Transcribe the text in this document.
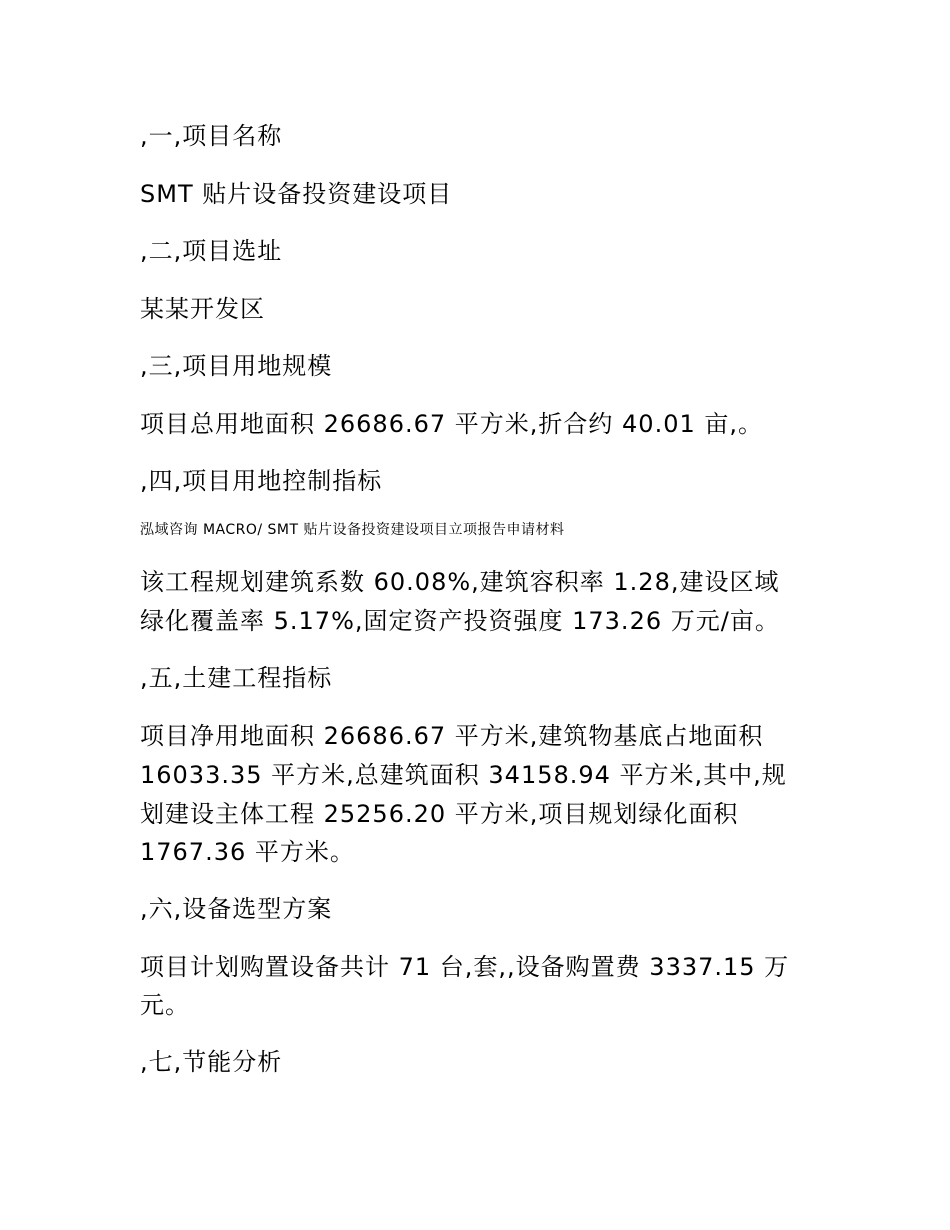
,一,项目名称
SMT 贴片设备投资建设项目
,二,项目选址
某某开发区
,三,项目用地规模
项目总用地面积 26686.67 平方米,折合约 40.01 亩,。
,四,项目用地控制指标
泓域咨询 MACRO/ SMT 贴片设备投资建设项目立项报告申请材料
该工程规划建筑系数 60.08%,建筑容积率 1.28,建设区域
绿化覆盖率 5.17%,固定资产投资强度 173.26 万元/亩。
,五,土建工程指标
项目净用地面积 26686.67 平方米,建筑物基底占地面积
16033.35 平方米,总建筑面积 34158.94 平方米,其中,规
划建设主体工程 25256.20 平方米,项目规划绿化面积
1767.36 平方米。
,六,设备选型方案
项目计划购置设备共计 71 台,套,,设备购置费 3337.15 万
元。
,七,节能分析
